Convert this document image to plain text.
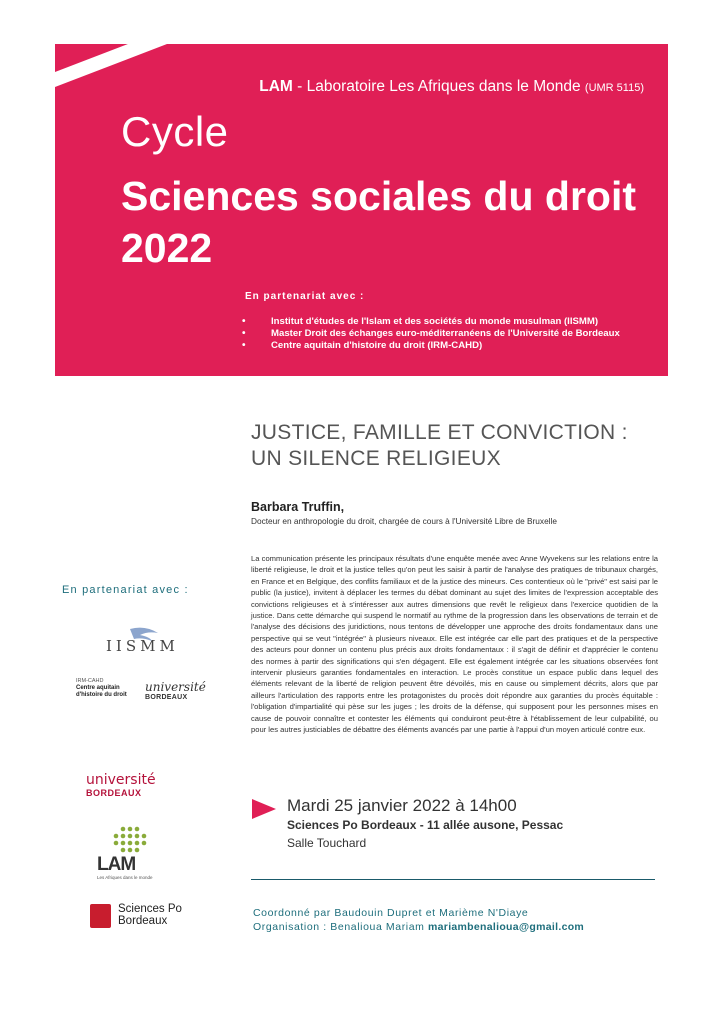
LAM - Laboratoire Les Afriques dans le Monde (UMR 5115)
Cycle
Sciences sociales du droit
2022
En partenariat avec :
• Institut d'études de l'Islam et des sociétés du monde musulman (IISMM)
• Master Droit des échanges euro-méditerranéens de l'Université de Bordeaux
• Centre aquitain d'histoire du droit (IRM-CAHD)
JUSTICE, FAMILLE ET CONVICTION :
UN SILENCE RELIGIEUX
Barbara Truffin,
Docteur en anthropologie du droit, chargée de cours à l'Université Libre de Bruxelle

La communication présente les principaux résultats d'une enquête menée avec Anne Wyvekens sur les relations entre la liberté religieuse, le droit et la justice telles qu'on peut les saisir à partir de l'analyse des pratiques de tribunaux chargés, en France et en Belgique, des conflits familiaux et de la justice des mineurs. Ces contentieux où le "privé" est saisi par le public (la justice), invitent à déplacer les termes du débat dominant au sujet des limites de l'expression acceptable des convictions religieuses et à s'intéresser aux autres dimensions que revêt le religieux dans l'exercice quotidien de la justice. Dans cette démarche qui suspend le normatif au rythme de la progression dans les observations de terrain et de l'analyse des décisions des juridictions, nous tentons de développer une approche des droits fondamentaux dans une perspective qui se veut "intégrée" à plusieurs niveaux. Elle est intégrée car elle part des pratiques et de la perspective des acteurs pour donner un contenu plus précis aux droits fondamentaux : il s'agit de définir et d'apprécier le contenu des normes à partir des significations qui s'en dégagent. Elle est également intégrée car les situations observées font intervenir plusieurs garanties fondamentales en interaction. Le procès constitue un espace public dans lequel des éléments relevant de la liberté de religion peuvent être dévoilés, mis en cause ou simplement décrits, alors que par ailleurs l'articulation des rapports entre les protagonistes du procès doit répondre aux garanties du procès équitable : l'obligation d'impartialité qui pèse sur les juges ; les droits de la défense, qui supposent pour les personnes mises en cause de pouvoir connaître et contester les éléments qui conduiront peut-être à l'établissement de leur culpabilité, ou pour les autres justiciables de débattre des éléments avancés par une partie à l'appui d'un moyen articulé contre eux.

Mardi 25 janvier 2022 à 14h00
Sciences Po Bordeaux - 11 allée ausone, Pessac
Salle Touchard
Coordonné par Baudouin Dupret et Marième N'Diaye
Organisation : Benalioua Mariam mariambenalioua@gmail.com
En partenariat avec :
IISMM
IRM-CAHD
Centre aquitain
d'histoire du droit
université
BORDEAUX
université
BORDEAUX
LAM
Les Afriques dans le monde
Sciences Po
Bordeaux
